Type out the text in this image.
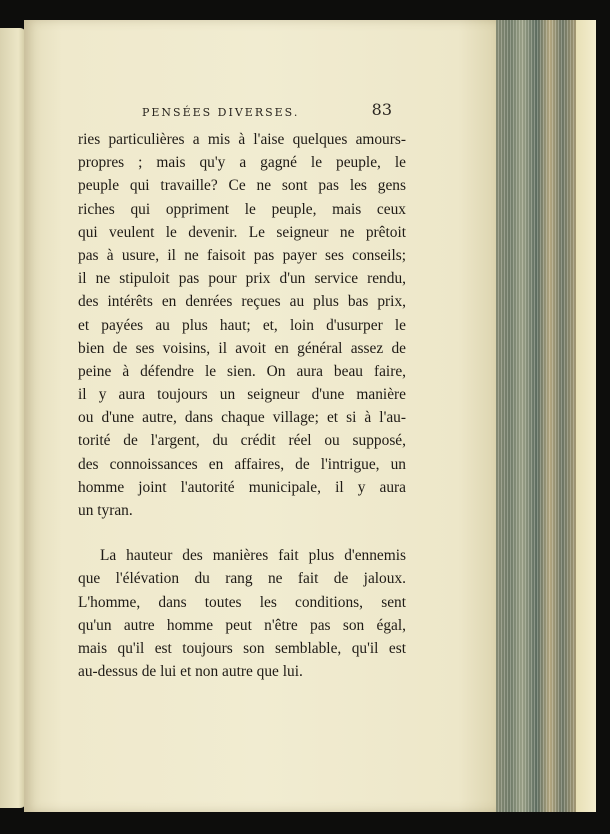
PENSÉES DIVERSES.	83
ries particulières a mis à l'aise quelques amours-
propres ; mais qu'y a gagné le peuple, le
peuple qui travaille? Ce ne sont pas les gens
riches qui oppriment le peuple, mais ceux
qui veulent le devenir. Le seigneur ne prêtoit
pas à usure, il ne faisoit pas payer ses conseils;
il ne stipuloit pas pour prix d'un service rendu,
des intérêts en denrées reçues au plus bas prix,
et payées au plus haut; et, loin d'usurper le
bien de ses voisins, il avoit en général assez de
peine à défendre le sien. On aura beau faire,
il y aura toujours un seigneur d'une manière
ou d'une autre, dans chaque village; et si à l'au-
torité de l'argent, du crédit réel ou supposé,
des connoissances en affaires, de l'intrigue, un
homme joint l'autorité municipale, il y aura
un tyran.
La hauteur des manières fait plus d'ennemis
que l'élévation du rang ne fait de jaloux.
L'homme, dans toutes les conditions, sent
qu'un autre homme peut n'être pas son égal,
mais qu'il est toujours son semblable, qu'il est
au-dessus de lui et non autre que lui.
